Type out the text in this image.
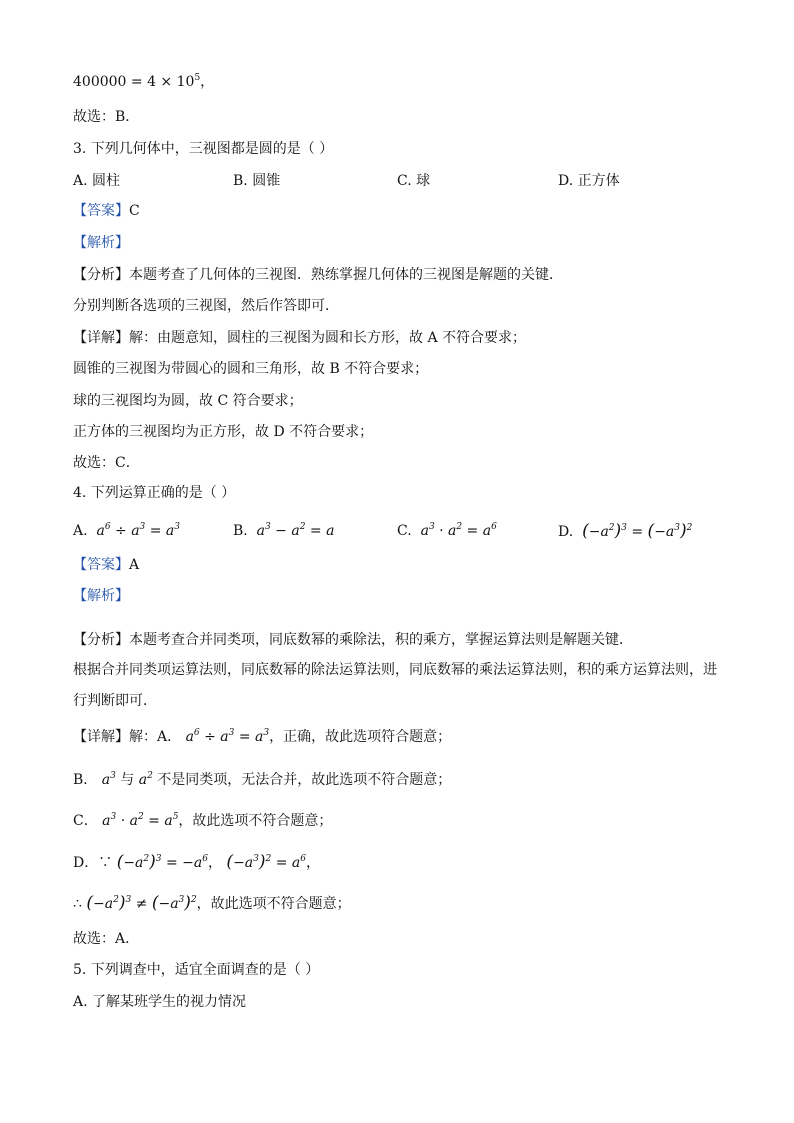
$400000 = 4 \times 10^5$，
故选：B．
3. 下列几何体中，三视图都是圆的是（ ）
A. 圆柱	B. 圆锥	C. 球	D. 正方体
【答案】C
【解析】
【分析】本题考查了几何体的三视图．熟练掌握几何体的三视图是解题的关键．
分别判断各选项的三视图，然后作答即可．
【详解】解：由题意知，圆柱的三视图为圆和长方形，故 A 不符合要求；
圆锥的三视图为带圆心的圆和三角形，故 B 不符合要求；
球的三视图均为圆，故 C 符合要求；
正方体的三视图均为正方形，故 D 不符合要求；
故选：C．
4. 下列运算正确的是（ ）
A.  $a^6 \div a^3 = a^3$	B.  $a^3 - a^2 = a$	C.  $a^3 \cdot a^2 = a^6$	D.  $(-a^2)^3 = (-a^3)^2$
【答案】A
【解析】
【分析】本题考查合并同类项，同底数幂的乘除法，积的乘方，掌握运算法则是解题关键．
根据合并同类项运算法则，同底数幂的除法运算法则，同底数幂的乘法运算法则，积的乘方运算法则，进
行判断即可．
【详解】解：A． $a^6 \div a^3 = a^3$，正确，故此选项符合题意；
B． $a^3$ 与 $a^2$ 不是同类项，无法合并，故此选项不符合题意；
C． $a^3 \cdot a^2 = a^5$，故此选项不符合题意；
D．∵ $(-a^2)^3 = -a^6$， $(-a^3)^2 = a^6$，
∴ $(-a^2)^3 \ne (-a^3)^2$，故此选项不符合题意；
故选：A．
5. 下列调查中，适宜全面调查的是（ ）
A. 了解某班学生的视力情况
